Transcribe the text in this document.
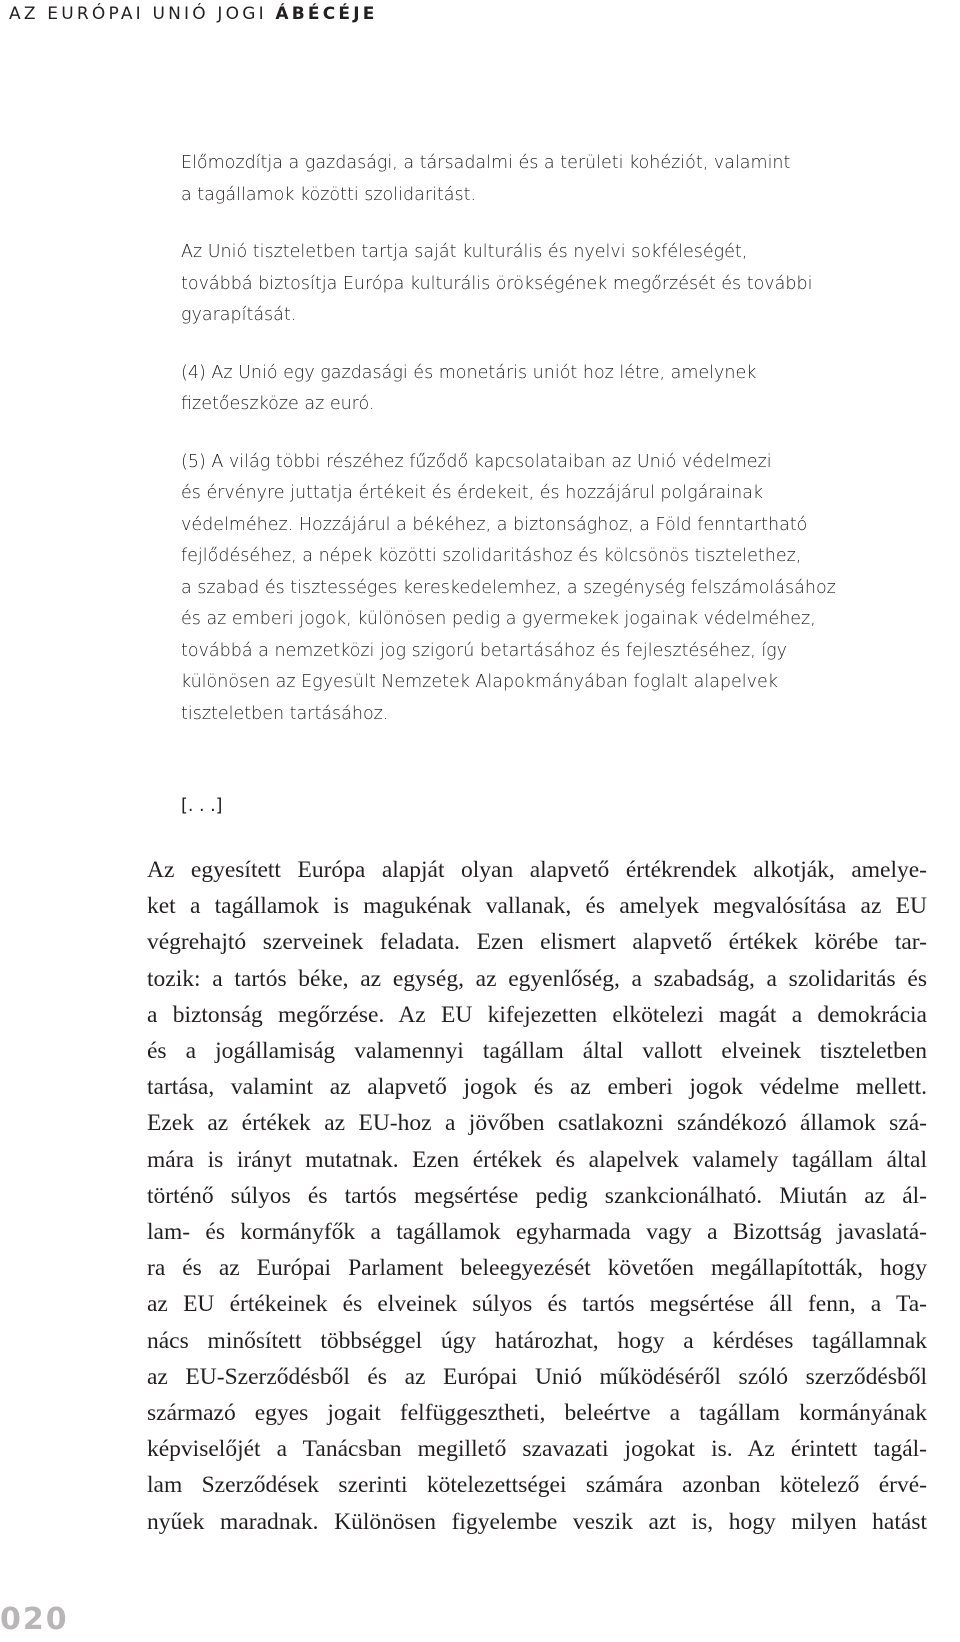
AZ EURÓPAI UNIÓ JOGI ÁBÉCÉJE

Előmozdítja a gazdasági, a társadalmi és a területi kohéziót, valamint

a tagállamok közötti szolidaritást.

Az Unió tiszteletben tartja saját kulturális és nyelvi sokféleségét,

továbbá biztosítja Európa kulturális örökségének megőrzését és további

gyarapítását.

(4) Az Unió egy gazdasági és monetáris uniót hoz létre, amelynek

fizetőeszköze az euró.

(5) A világ többi részéhez fűződő kapcsolataiban az Unió védelmezi

és érvényre juttatja értékeit és érdekeit, és hozzájárul polgárainak

védelméhez. Hozzájárul a békéhez, a biztonsághoz, a Föld fenntartható

fejlődéséhez, a népek közötti szolidaritáshoz és kölcsönös tisztelethez,

a szabad és tisztességes kereskedelemhez, a szegénység felszámolásához

és az emberi jogok, különösen pedig a gyermekek jogainak védelméhez,

továbbá a nemzetközi jog szigorú betartásához és fejlesztéséhez, így

különösen az Egyesült Nemzetek Alapokmányában foglalt alapelvek

tiszteletben tartásához.

[. . .]

Az egyesített Európa alapját olyan alapvető értékrendek alkotják, amelye-

ket a tagállamok is magukénak vallanak, és amelyek megvalósítása az EU

végrehajtó szerveinek feladata. Ezen elismert alapvető értékek körébe tar-

tozik: a tartós béke, az egység, az egyenlőség, a szabadság, a szolidaritás és

a biztonság megőrzése. Az EU kifejezetten elkötelezi magát a demokrácia

és a jogállamiság valamennyi tagállam által vallott elveinek tiszteletben

tartása, valamint az alapvető jogok és az emberi jogok védelme mellett.

Ezek az értékek az EU-hoz a jövőben csatlakozni szándékozó államok szá-

mára is irányt mutatnak. Ezen értékek és alapelvek valamely tagállam által

történő súlyos és tartós megsértése pedig szankcionálható. Miután az ál-

lam- és kormányfők a tagállamok egyharmada vagy a Bizottság javaslatá-

ra és az Európai Parlament beleegyezését követően megállapították, hogy

az EU értékeinek és elveinek súlyos és tartós megsértése áll fenn, a Ta-

nács minősített többséggel úgy határozhat, hogy a kérdéses tagállamnak

az EU-Szerződésből és az Európai Unió működéséről szóló szerződésből

származó egyes jogait felfüggesztheti, beleértve a tagállam kormányának

képviselőjét a Tanácsban megillető szavazati jogokat is. Az érintett tagál-

lam Szerződések szerinti kötelezettségei számára azonban kötelező érvé-

nyűek maradnak. Különösen figyelembe veszik azt is, hogy milyen hatást

020
